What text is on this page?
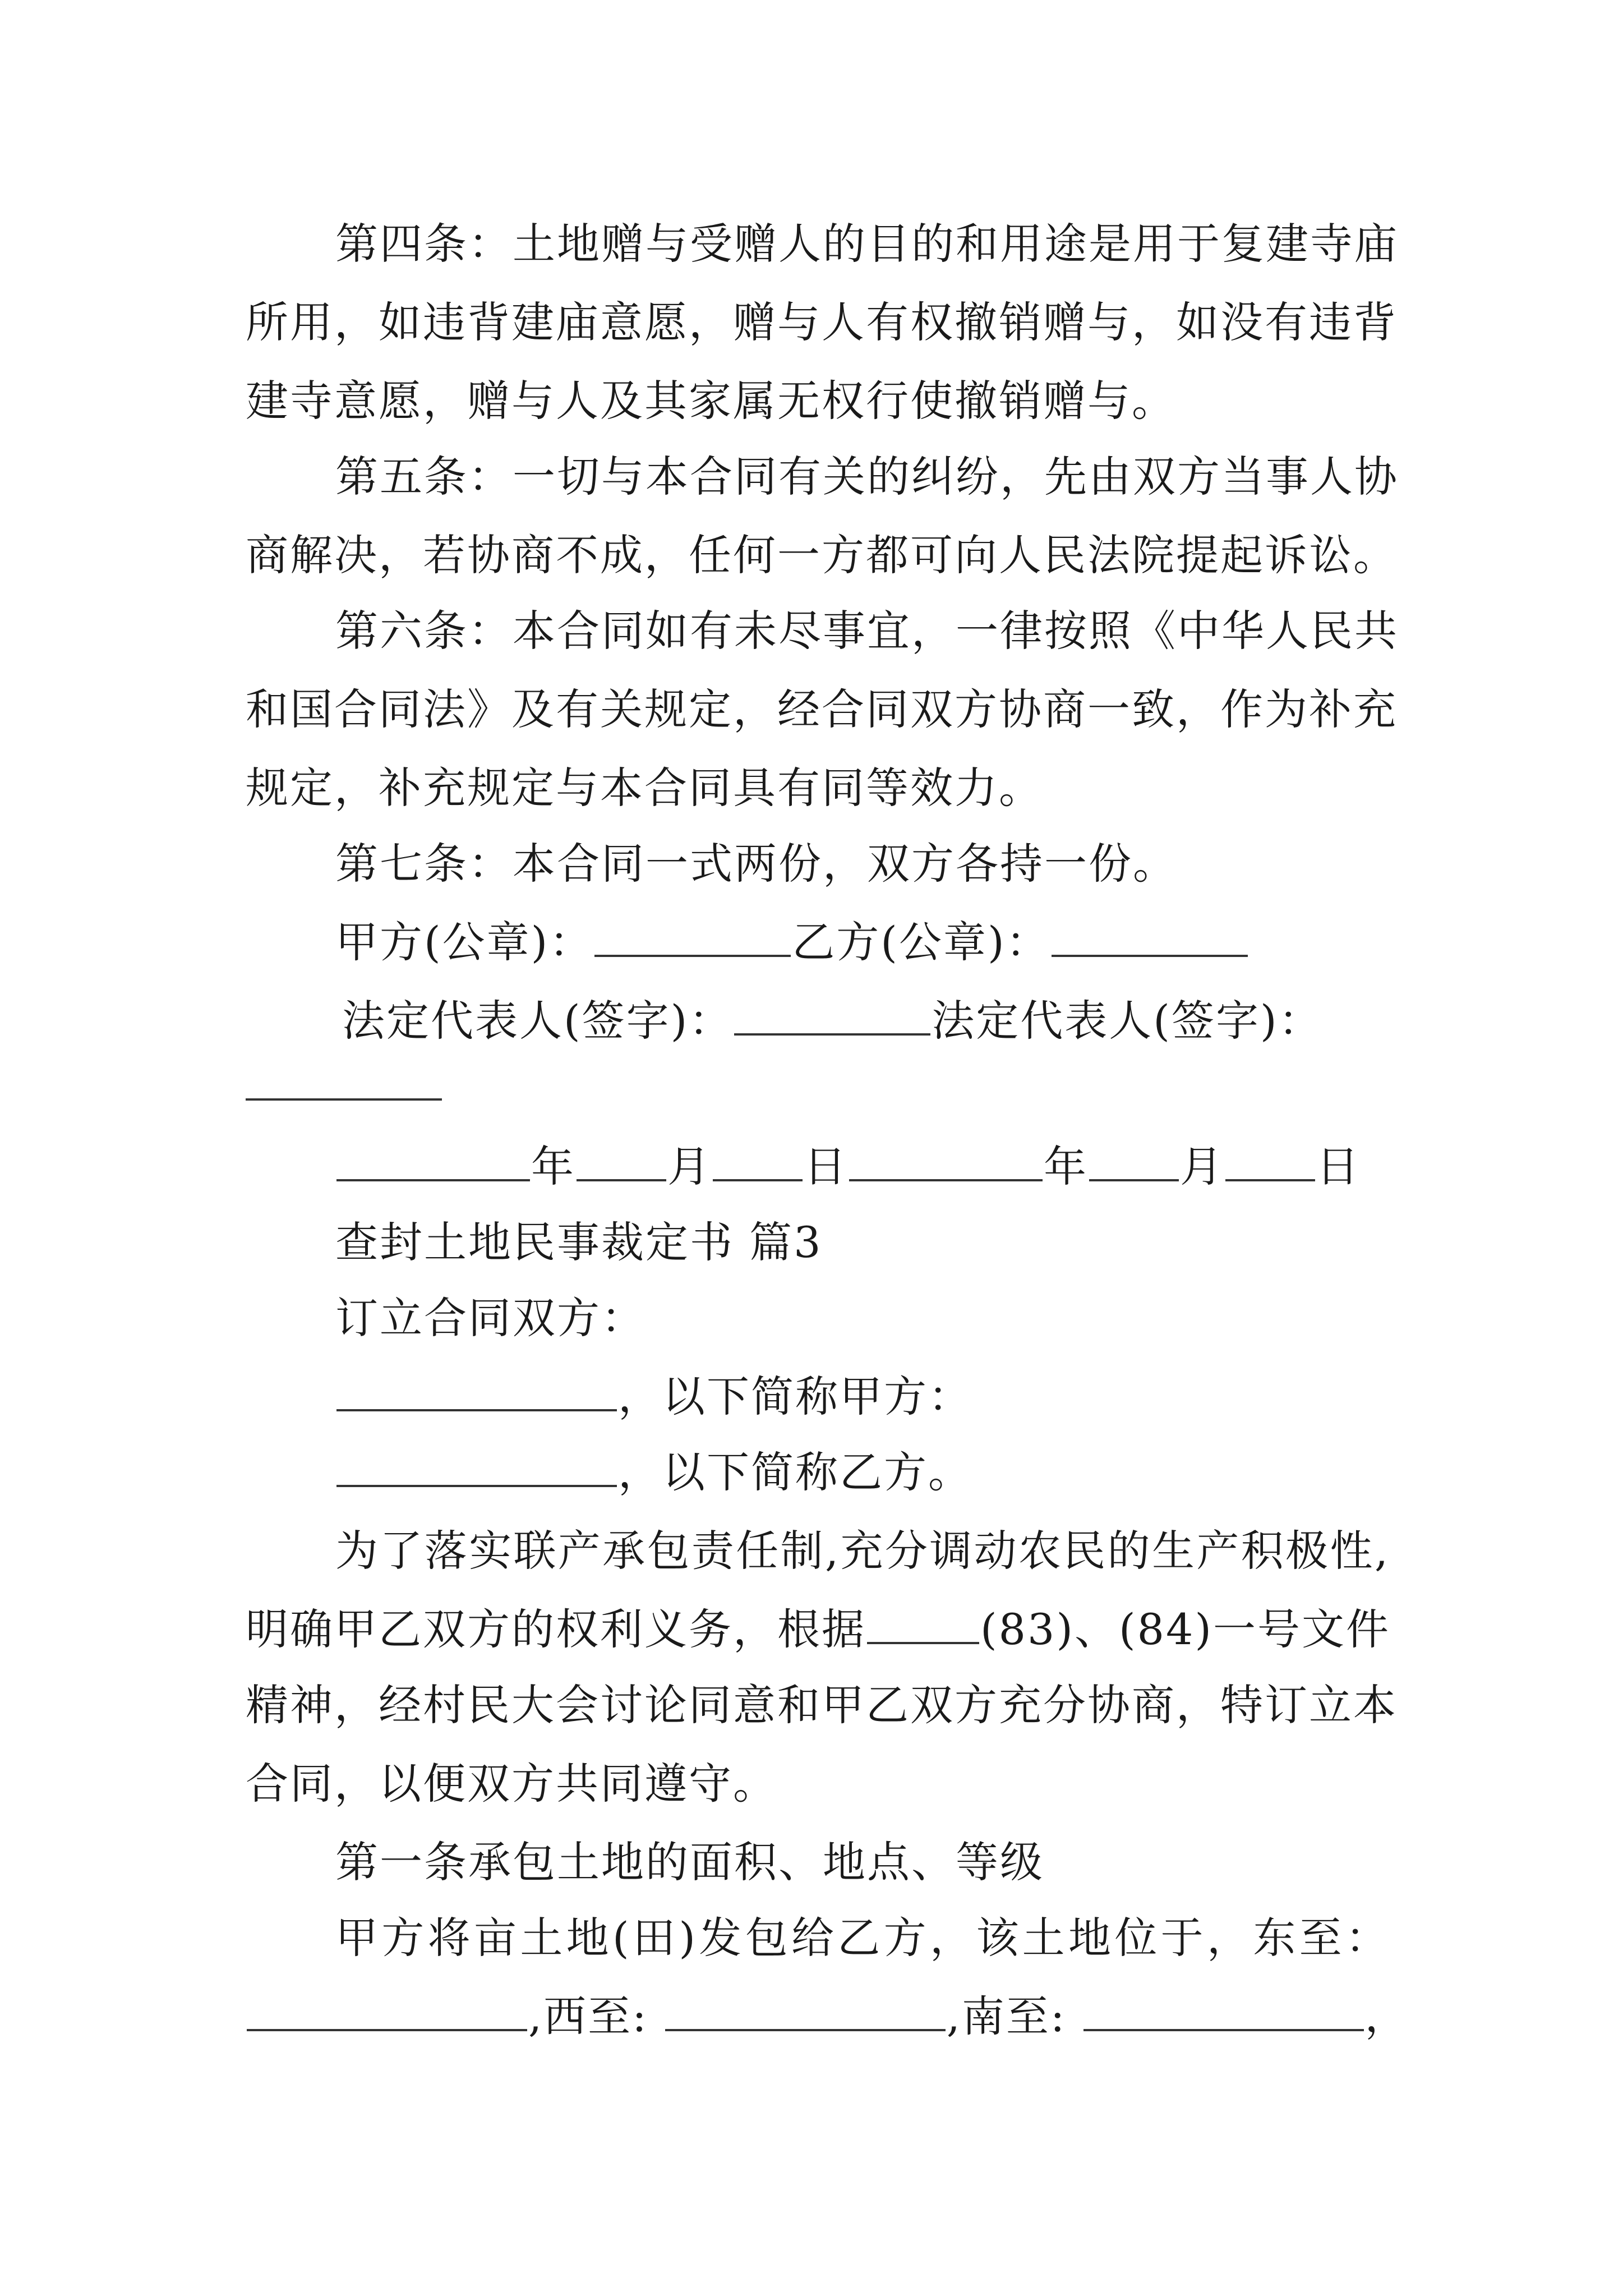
第四条：土地赠与受赠人的目的和用途是用于复建寺庙
所用，如违背建庙意愿，赠与人有权撤销赠与，如没有违背
建寺意愿，赠与人及其家属无权行使撤销赠与。
第五条：一切与本合同有关的纠纷，先由双方当事人协
商解决，若协商不成，任何一方都可向人民法院提起诉讼。
第六条：本合同如有未尽事宜，一律按照《中华人民共
和国合同法》及有关规定，经合同双方协商一致，作为补充
规定，补充规定与本合同具有同等效力。
第七条：本合同一式两份，双方各持一份。
甲方(公章)：	乙方(公章)：
法定代表人(签字)：	法定代表人(签字)：
年 月 日	年 月 日
查封土地民事裁定书 篇3
订立合同双方：
，以下简称甲方：
，以下简称乙方。
为了落实联产承包责任制,充分调动农民的生产积极性,
明确甲乙双方的权利义务，根据	(83)、(84)一号文件
精神，经村民大会讨论同意和甲乙双方充分协商，特订立本
合同，以便双方共同遵守。
第一条承包土地的面积、地点、等级
甲方将亩土地(田)发包给乙方，该土地位于，东至：
,西至:	,南至:	，
